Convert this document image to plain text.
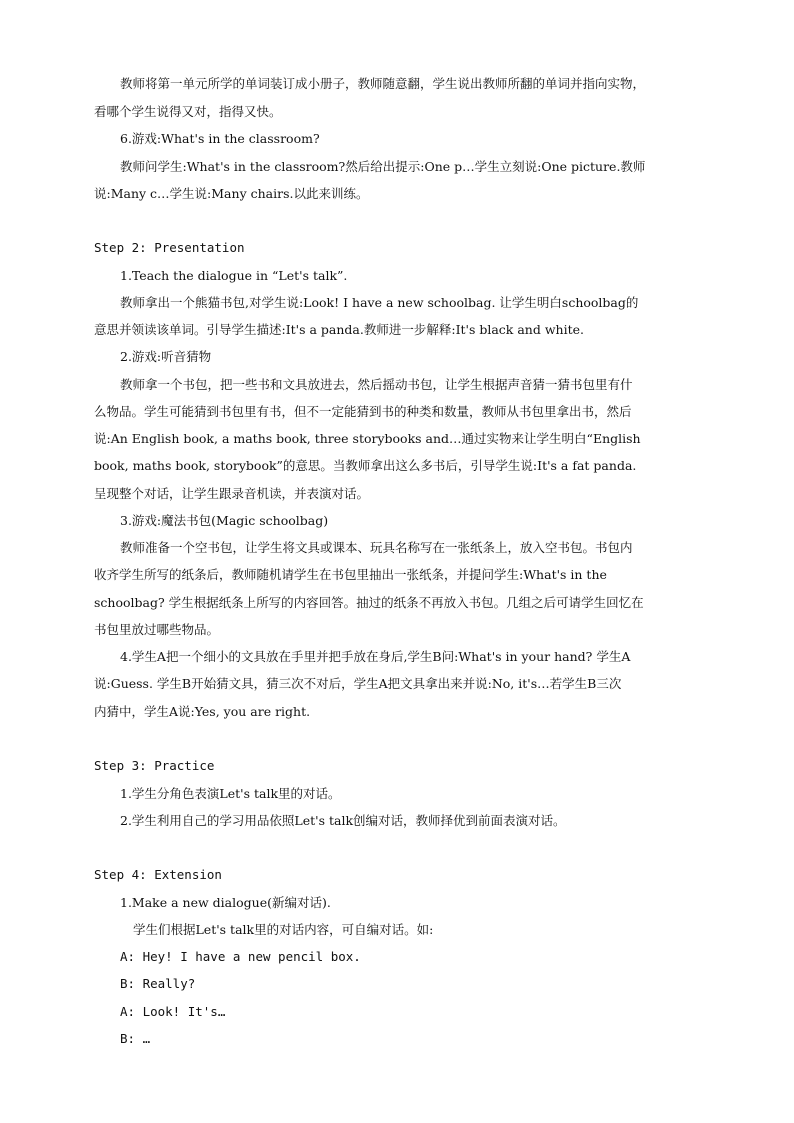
教师将第一单元所学的单词装订成小册子，教师随意翻，学生说出教师所翻的单词并指向实物，
看哪个学生说得又对，指得又快。
6.游戏:What's in the classroom?
教师问学生:What's in the classroom?然后给出提示:One p…学生立刻说:One picture.教师
说:Many c…学生说:Many chairs.以此来训练。
Step 2: Presentation
1.Teach the dialogue in “Let's talk”.
教师拿出一个熊猫书包,对学生说:Look! I have a new schoolbag. 让学生明白schoolbag的
意思并领读该单词。引导学生描述:It's a panda.教师进一步解释:It's black and white.
2.游戏:听音猜物
教师拿一个书包，把一些书和文具放进去，然后摇动书包，让学生根据声音猜一猜书包里有什
么物品。学生可能猜到书包里有书，但不一定能猜到书的种类和数量，教师从书包里拿出书，然后
说:An English book, a maths book, three storybooks and…通过实物来让学生明白“English
book, maths book, storybook”的意思。当教师拿出这么多书后，引导学生说:It's a fat panda.
呈现整个对话，让学生跟录音机读，并表演对话。
3.游戏:魔法书包(Magic schoolbag)
教师准备一个空书包，让学生将文具或课本、玩具名称写在一张纸条上，放入空书包。书包内
收齐学生所写的纸条后，教师随机请学生在书包里抽出一张纸条，并提问学生:What's in the
schoolbag? 学生根据纸条上所写的内容回答。抽过的纸条不再放入书包。几组之后可请学生回忆在
书包里放过哪些物品。
4.学生A把一个细小的文具放在手里并把手放在身后,学生B问:What's in your hand? 学生A
说:Guess. 学生B开始猜文具，猜三次不对后，学生A把文具拿出来并说:No, it's…若学生B三次
内猜中，学生A说:Yes, you are right.
Step 3: Practice
1.学生分角色表演Let's talk里的对话。
2.学生利用自己的学习用品依照Let's talk创编对话，教师择优到前面表演对话。
Step 4: Extension
1.Make a new dialogue(新编对话).
学生们根据Let's talk里的对话内容，可自编对话。如:
A: Hey! I have a new pencil box.
B: Really?
A: Look! It's…
B: …
